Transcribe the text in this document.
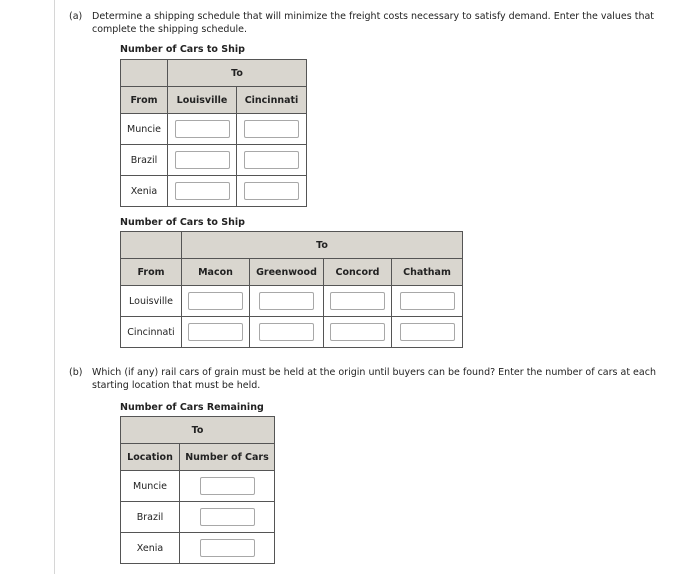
(a) Determine a shipping schedule that will minimize the freight costs necessary to satisfy demand. Enter the values that
complete the shipping schedule.
Number of Cars to Ship
	To	
From	Louisville	Cincinnati
Muncie		
Brazil		
Xenia		
Number of Cars to Ship
	To			
From	Macon	Greenwood	Concord	Chatham
Louisville				
Cincinnati				
(b) Which (if any) rail cars of grain must be held at the origin until buyers can be found? Enter the number of cars at each
starting location that must be held.
Number of Cars Remaining
To	
Location	Number of Cars
Muncie	
Brazil	
Xenia	
